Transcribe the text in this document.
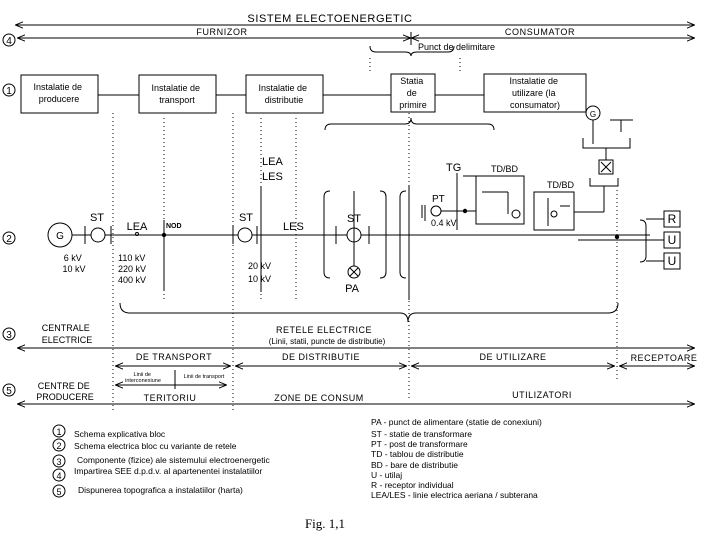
SISTEM ELECTOENERGETIC
4
FURNIZOR	CONSUMATOR
Punct de delimitare
1 Instalatie de producere
Instalatie de transport
Instalatie de distributie
Statia de primire
Instalatie de utilizare (la consumator)
2	G
6 kV 10 kV
ST
LEA
110 kV 220 kV 400 kV
NOD
ST
20 kV 10 kV
LEA LES
LES
ST
PA
TG
PT
0.4 kV
TD/BD
TD/BD
G
R
U
U
3
CENTRALE ELECTRICE
RETELE ELECTRICE
(Linii, statii, puncte de distributie)
DE TRANSPORT	DE DISTRIBUTIE	DE UTILIZARE	RECEPTOARE
5	CENTRE DE PRODUCERE
Linii de interconexiune
Linii de transport
TERITORIU	ZONE DE CONSUM	UTILIZATORI
1 Schema explicativa bloc
2 Schema electrica bloc cu variante de retele
3 Componente (fizice) ale sistemului electroenergetic
4 Impartirea SEE d.p.d.v. al apartenentei instalatiilor
5 Dispunerea topografica a instalatiilor (harta)
PA - punct de alimentare (statie de conexiuni)
ST - statie de transformare
PT - post de transformare
TD - tablou de distributie
BD - bare de distributie
U - utilaj
R - receptor individual
LEA/LES - linie electrica aeriana / subterana
Fig. 1,1
